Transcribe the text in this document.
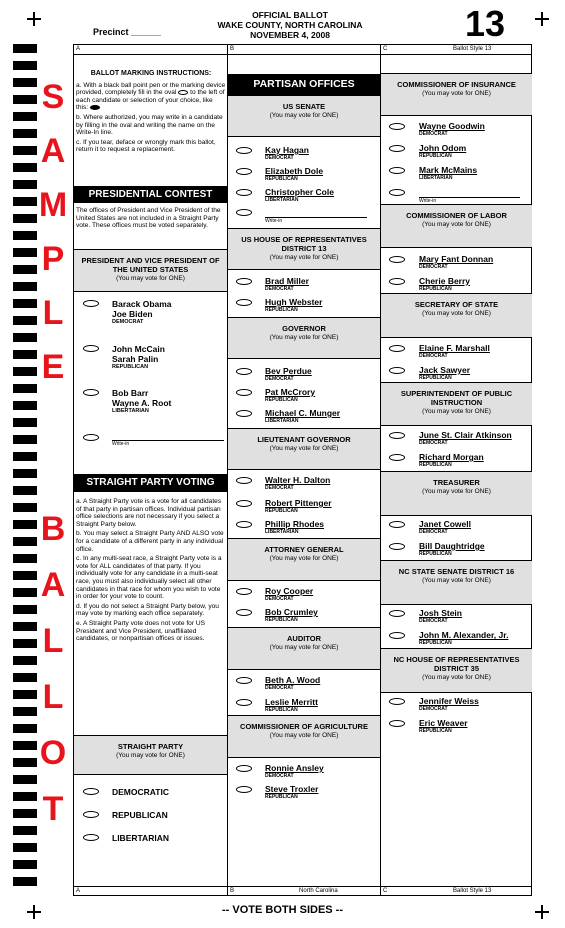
OFFICIAL BALLOT
WAKE COUNTY, NORTH CAROLINA
NOVEMBER 4, 2008
Precinct ______	13
S
A
M
P
L
E
B
A
L
L
O
T
A	B	C	Ballot Style 13
A	B	North Carolina	C	Ballot Style 13
BALLOT MARKING INSTRUCTIONS:
a. With a black ball point pen or the marking device provided, completely fill in the oval to the left of each candidate or selection of your choice, like this:
b. Where authorized, you may write in a candidate by filling in the oval and writing the name on the Write-In line.
c. If you tear, deface or wrongly mark this ballot, return it to request a replacement.
PRESIDENTIAL CONTEST
The offices of President and Vice President of the United States are not included in a Straight Party vote. These offices must be voted separately.
PRESIDENT AND VICE PRESIDENT OF THE UNITED STATES
(You may vote for ONE)
Barack Obama
Joe Biden
DEMOCRAT
John McCain
Sarah Palin
REPUBLICAN
Bob Barr
Wayne A. Root
LIBERTARIAN
Write-in
STRAIGHT PARTY VOTING
a. A Straight Party vote is a vote for all candidates of that party in partisan offices. Individual partisan office selections are not necessary if you select a Straight Party below.
b. You may select a Straight Party AND ALSO vote for a candidate of a different party in any individual office.
c. In any multi-seat race, a Straight Party vote is a vote for ALL candidates of that party. If you individually vote for any candidate in a multi-seat race, you must also individually select all other candidates in that race for whom you wish to vote in order for your vote to count.
d. If you do not select a Straight Party below, you may vote by marking each office separately.
e. A Straight Party vote does not vote for US President and Vice President, unaffiliated candidates, or nonpartisan offices or issues.
STRAIGHT PARTY
(You may vote for ONE)
DEMOCRATIC
REPUBLICAN
LIBERTARIAN
PARTISAN OFFICES
US SENATE
(You may vote for ONE)
Kay Hagan
DEMOCRAT
Elizabeth Dole
REPUBLICAN
Christopher Cole
LIBERTARIAN
Write-in
US HOUSE OF REPRESENTATIVES DISTRICT 13
(You may vote for ONE)
Brad Miller
DEMOCRAT
Hugh Webster
REPUBLICAN
GOVERNOR
(You may vote for ONE)
Bev Perdue
DEMOCRAT
Pat McCrory
REPUBLICAN
Michael C. Munger
LIBERTARIAN
LIEUTENANT GOVERNOR
(You may vote for ONE)
Walter H. Dalton
DEMOCRAT
Robert Pittenger
REPUBLICAN
Phillip Rhodes
LIBERTARIAN
ATTORNEY GENERAL
(You may vote for ONE)
Roy Cooper
DEMOCRAT
Bob Crumley
REPUBLICAN
AUDITOR
(You may vote for ONE)
Beth A. Wood
DEMOCRAT
Leslie Merritt
REPUBLICAN
COMMISSIONER OF AGRICULTURE
(You may vote for ONE)
Ronnie Ansley
DEMOCRAT
Steve Troxler
REPUBLICAN
COMMISSIONER OF INSURANCE
(You may vote for ONE)
Wayne Goodwin
DEMOCRAT
John Odom
REPUBLICAN
Mark McMains
LIBERTARIAN
Write-in
COMMISSIONER OF LABOR
(You may vote for ONE)
Mary Fant Donnan
DEMOCRAT
Cherie Berry
REPUBLICAN
SECRETARY OF STATE
(You may vote for ONE)
Elaine F. Marshall
DEMOCRAT
Jack Sawyer
REPUBLICAN
SUPERINTENDENT OF PUBLIC INSTRUCTION
(You may vote for ONE)
June St. Clair Atkinson
DEMOCRAT
Richard Morgan
REPUBLICAN
TREASURER
(You may vote for ONE)
Janet Cowell
DEMOCRAT
Bill Daughtridge
REPUBLICAN
NC STATE SENATE DISTRICT 16
(You may vote for ONE)
Josh Stein
DEMOCRAT
John M. Alexander, Jr.
REPUBLICAN
NC HOUSE OF REPRESENTATIVES DISTRICT 35
(You may vote for ONE)
Jennifer Weiss
DEMOCRAT
Eric Weaver
REPUBLICAN
-- VOTE BOTH SIDES --
